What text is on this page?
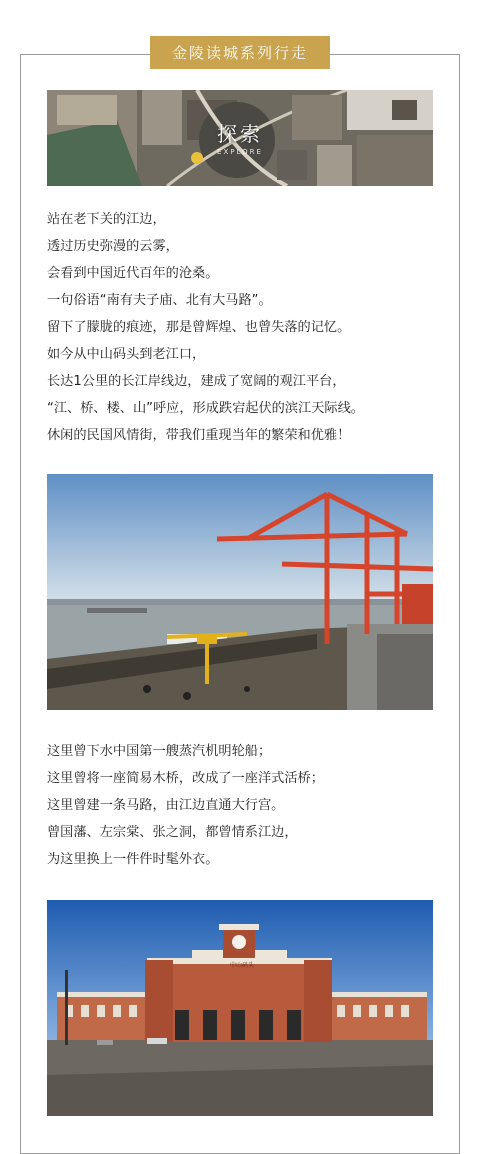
金陵读城系列行走
探索
EXPLORE
站在老下关的江边，
透过历史弥漫的云雾，
会看到中国近代百年的沧桑。
一句俗语“南有夫子庙、北有大马路”。
留下了朦胧的痕迹，那是曾辉煌、也曾失落的记忆。
如今从中山码头到老江口，
长达1公里的长江岸线边，建成了宽阔的观江平台，
“江、桥、楼、山”呼应，形成跌宕起伏的滨江天际线。
休闲的民国风情街，带我们重现当年的繁荣和优雅！
这里曾下水中国第一艘蒸汽机明轮船；
这里曾将一座简易木桥，改成了一座洋式活桥；
这里曾建一条马路，由江边直通大行宫。
曾国藩、左宗棠、张之洞，都曾情系江边，
为这里换上一件件时髦外衣。
中山码头
